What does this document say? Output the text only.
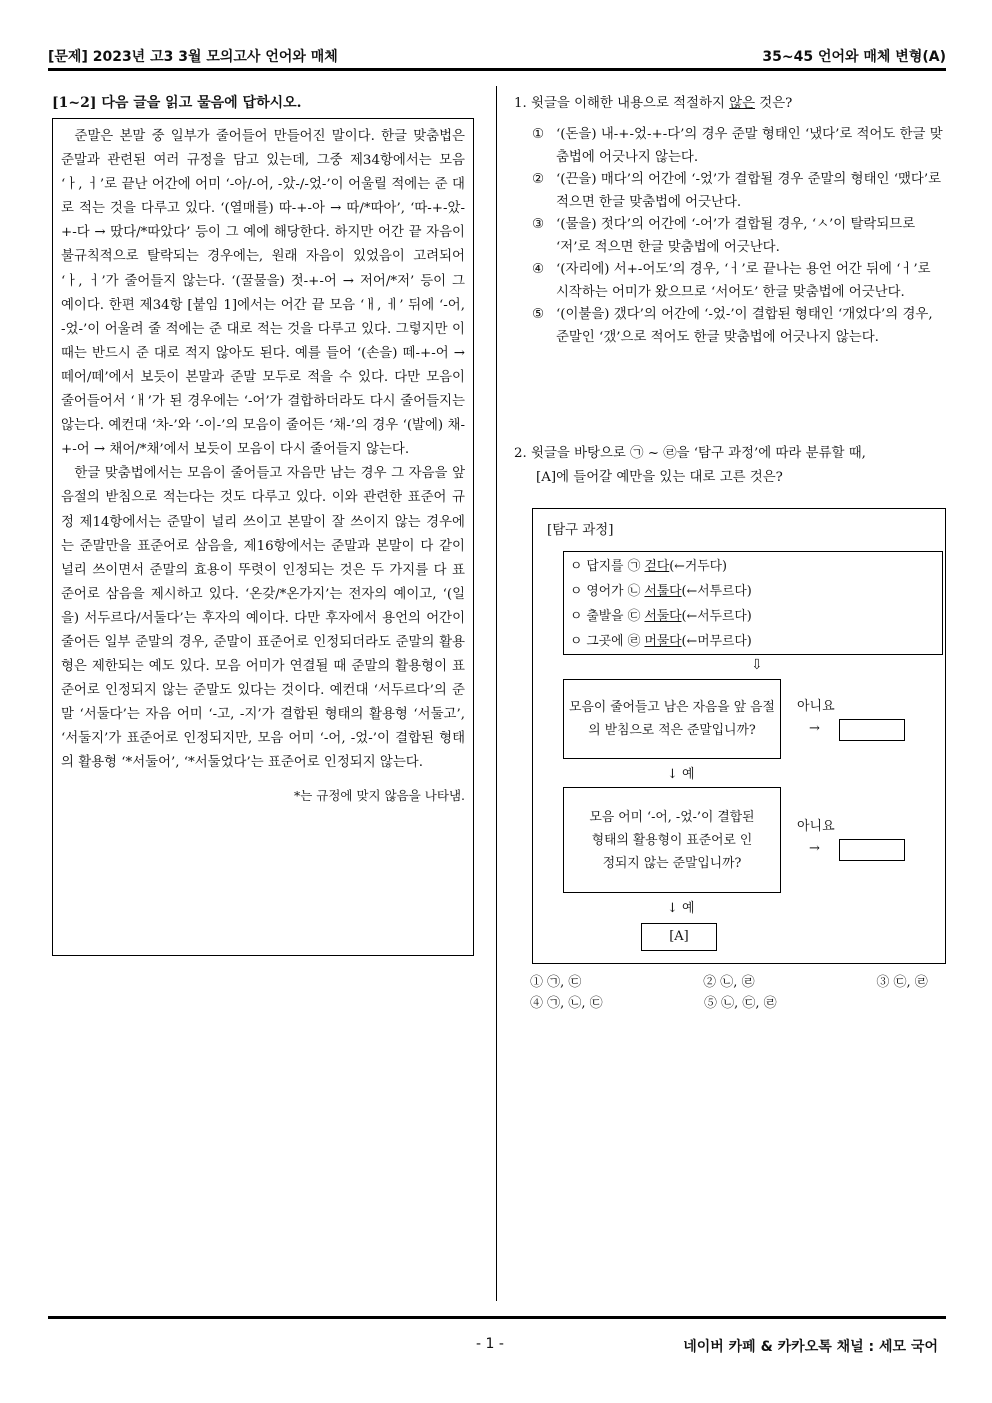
[문제] 2023년 고3 3월 모의고사 언어와 매체	35~45 언어와 매체 변형(A)
[1~2] 다음 글을 읽고 물음에 답하시오.

준말은 본말 중 일부가 줄어들어 만들어진 말이다. 한글 맞춤법은 준말과 관련된 여러 규정을 담고 있는데, 그중 제34항에서는 모음 ‘ㅏ, ㅓ’로 끝난 어간에 어미 ‘-아/-어, -았-/-었-’이 어울릴 적에는 준 대로 적는 것을 다루고 있다. ‘(열매를) 따-+-아 → 따/*따아’, ‘따-+-았-+-다 → 땄다/*따았다’ 등이 그 예에 해당한다. 하지만 어간 끝 자음이 불규칙적으로 탈락되는 경우에는, 원래 자음이 있었음이 고려되어 ‘ㅏ, ㅓ’가 줄어들지 않는다. ‘(꿀물을) 젓-+-어 → 저어/*저’ 등이 그 예이다. 한편 제34항 [붙임 1]에서는 어간 끝 모음 ‘ㅐ, ㅔ’ 뒤에 ‘-어, -었-’이 어울려 줄 적에는 준 대로 적는 것을 다루고 있다. 그렇지만 이때는 반드시 준 대로 적지 않아도 된다. 예를 들어 ‘(손을) 떼-+-어 → 떼어/떼’에서 보듯이 본말과 준말 모두로 적을 수 있다. 다만 모음이 줄어들어서 ‘ㅐ’가 된 경우에는 ‘-어’가 결합하더라도 다시 줄어들지는 않는다. 예컨대 ‘차-’와 ‘-이-’의 모음이 줄어든 ‘채-’의 경우 ‘(발에) 채-+-어 → 채어/*채’에서 보듯이 모음이 다시 줄어들지 않는다.

한글 맞춤법에서는 모음이 줄어들고 자음만 남는 경우 그 자음을 앞 음절의 받침으로 적는다는 것도 다루고 있다. 이와 관련한 표준어 규정 제14항에서는 준말이 널리 쓰이고 본말이 잘 쓰이지 않는 경우에는 준말만을 표준어로 삼음을, 제16항에서는 준말과 본말이 다 같이 널리 쓰이면서 준말의 효용이 뚜렷이 인정되는 것은 두 가지를 다 표준어로 삼음을 제시하고 있다. ‘온갖/*온가지’는 전자의 예이고, ‘(일을) 서두르다/서둘다’는 후자의 예이다. 다만 후자에서 용언의 어간이 줄어든 일부 준말의 경우, 준말이 표준어로 인정되더라도 준말의 활용형은 제한되는 예도 있다. 모음 어미가 연결될 때 준말의 활용형이 표준어로 인정되지 않는 준말도 있다는 것이다. 예컨대 ‘서두르다’의 준말 ‘서둘다’는 자음 어미 ‘-고, -지’가 결합된 형태의 활용형 ‘서둘고’, ‘서둘지’가 표준어로 인정되지만, 모음 어미 ‘-어, -었-’이 결합된 형태의 활용형 ‘*서둘어’, ‘*서둘었다’는 표준어로 인정되지 않는다.

*는 규정에 맞지 않음을 나타냄.
1. 윗글을 이해한 내용으로 적절하지 않은 것은?
① ‘(돈을) 내-+-었-+-다’의 경우 준말 형태인 ‘냈다’로 적어도 한글 맞춤법에 어긋나지 않는다.
② ‘(끈을) 매다’의 어간에 ‘-었’가 결합될 경우 준말의 형태인 ‘맸다’로 적으면 한글 맞춤법에 어긋난다.
③ ‘(물을) 젓다’의 어간에 ‘-어’가 결합될 경우, ‘ㅅ’이 탈락되므로 ‘저’로 적으면 한글 맞춤법에 어긋난다.
④ ‘(자리에) 서+-어도’의 경우, ‘ㅓ’로 끝나는 용언 어간 뒤에 ‘ㅓ’로 시작하는 어미가 왔으므로 ‘서어도’ 한글 맞춤법에 어긋난다.
⑤ ‘(이불을) 갰다’의 어간에 ‘-었-’이 결합된 형태인 ‘개었다’의 경우, 준말인 ‘갰’으로 적어도 한글 맞춤법에 어긋나지 않는다.
2. 윗글을 바탕으로 ㉠ ~ ㉣을 ‘탐구 과정’에 따라 분류할 때,
[A]에 들어갈 예만을 있는 대로 고른 것은?
[탐구 과정]
ㅇ 답지를 ㉠ 걷다(←거두다)
ㅇ 영어가 ㉡ 서툴다(←서투르다)
ㅇ 출발을 ㉢ 서둘다(←서두르다)
ㅇ 그곳에 ㉣ 머물다(←머무르다)
⇩
모음이 줄어들고 남은 자음을 앞 음절의 받침으로 적은 준말입니까?
아니요
→
↓ 예
모음 어미 ‘-어, -었-’이 결합된 형태의 활용형이 표준어로 인정되지 않는 준말입니까?
아니요
→
↓ 예
[A]
① ㉠, ㉢	② ㉡, ㉣	③ ㉢, ㉣
④ ㉠, ㉡, ㉢	⑤ ㉡, ㉢, ㉣
- 1 -	네이버 카페 & 카카오톡 채널 : 세모 국어
